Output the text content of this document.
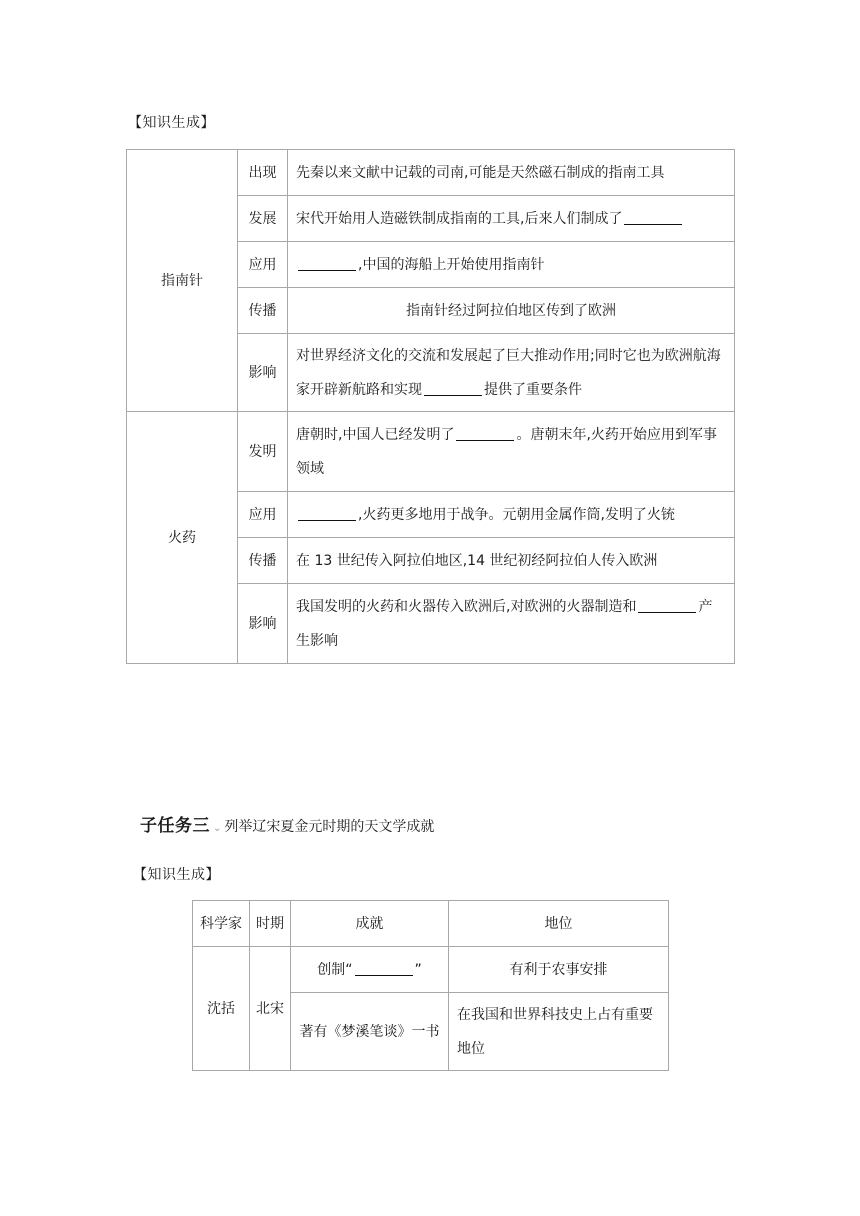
【知识生成】
指南针	出现	先秦以来文献中记载的司南,可能是天然磁石制成的指南工具
	发展	宋代开始用人造磁铁制成指南的工具,后来人们制成了
	应用	,中国的海船上开始使用指南针
	传播	指南针经过阿拉伯地区传到了欧洲
	影响	对世界经济文化的交流和发展起了巨大推动作用;同时它也为欧洲航海家开辟新航路和实现 提供了重要条件
火药	发明	唐朝时,中国人已经发明了 。唐朝末年,火药开始应用到军事领域
	应用	,火药更多地用于战争。元朝用金属作筒,发明了火铳
	传播	在 13 世纪传入阿拉伯地区,14 世纪初经阿拉伯人传入欧洲
	影响	我国发明的火药和火器传入欧洲后,对欧洲的火器制造和 产生影响
子任务三 ⌄ 列举辽宋夏金元时期的天文学成就
【知识生成】
科学家	时期	成就	地位
沈括	北宋	创制“ ”	有利于农事安排
		著有《梦溪笔谈》一书	在我国和世界科技史上占有重要地位
